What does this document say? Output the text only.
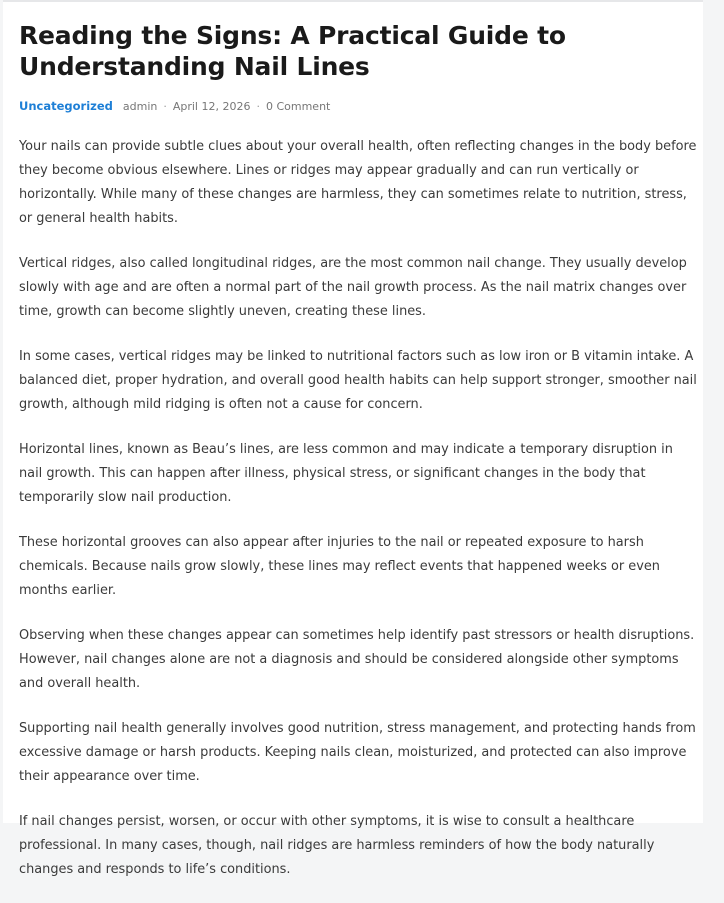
Reading the Signs: A Practical Guide to Understanding Nail Lines
Uncategorized admin · April 12, 2026 · 0 Comment

Your nails can provide subtle clues about your overall health, often reflecting changes in the body before they become obvious elsewhere. Lines or ridges may appear gradually and can run vertically or horizontally. While many of these changes are harmless, they can sometimes relate to nutrition, stress, or general health habits.

Vertical ridges, also called longitudinal ridges, are the most common nail change. They usually develop slowly with age and are often a normal part of the nail growth process. As the nail matrix changes over time, growth can become slightly uneven, creating these lines.

In some cases, vertical ridges may be linked to nutritional factors such as low iron or B vitamin intake. A balanced diet, proper hydration, and overall good health habits can help support stronger, smoother nail growth, although mild ridging is often not a cause for concern.

Horizontal lines, known as Beau’s lines, are less common and may indicate a temporary disruption in nail growth. This can happen after illness, physical stress, or significant changes in the body that temporarily slow nail production.

These horizontal grooves can also appear after injuries to the nail or repeated exposure to harsh chemicals. Because nails grow slowly, these lines may reflect events that happened weeks or even months earlier.

Observing when these changes appear can sometimes help identify past stressors or health disruptions. However, nail changes alone are not a diagnosis and should be considered alongside other symptoms and overall health.

Supporting nail health generally involves good nutrition, stress management, and protecting hands from excessive damage or harsh products. Keeping nails clean, moisturized, and protected can also improve their appearance over time.

If nail changes persist, worsen, or occur with other symptoms, it is wise to consult a healthcare professional. In many cases, though, nail ridges are harmless reminders of how the body naturally changes and responds to life’s conditions.
